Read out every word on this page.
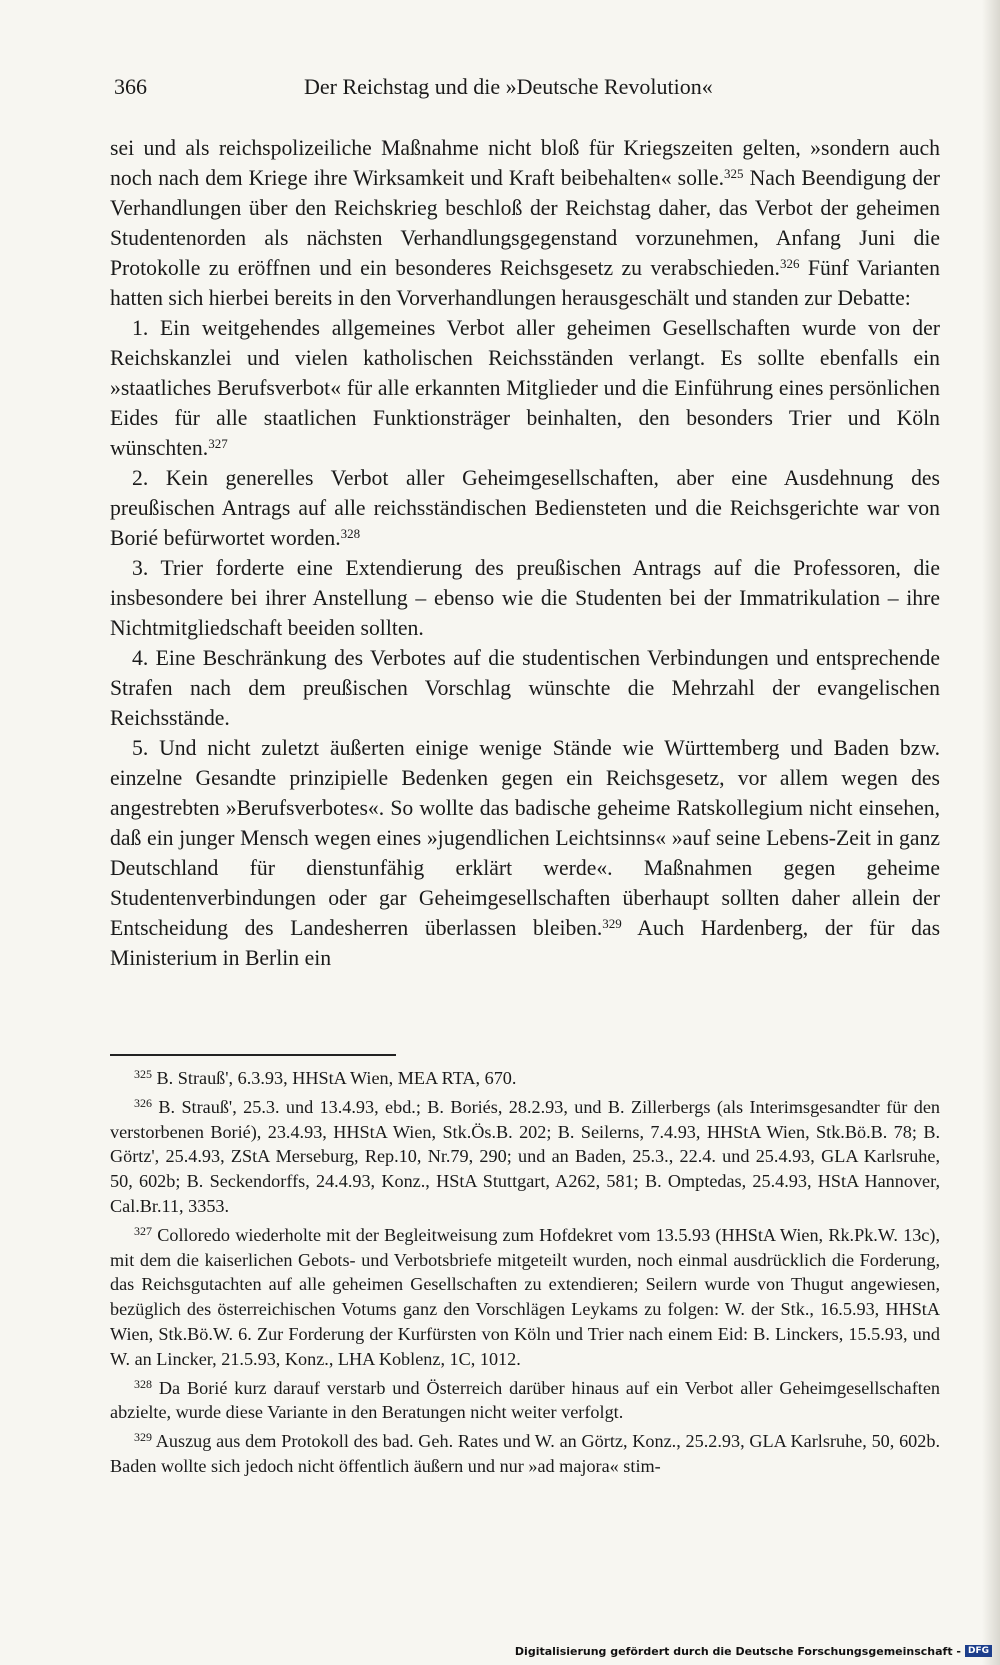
366	Der Reichstag und die »Deutsche Revolution«

sei und als reichspolizeiliche Maßnahme nicht bloß für Kriegszeiten gelten, »sondern auch noch nach dem Kriege ihre Wirksamkeit und Kraft beibehalten« solle.$^{325}$ Nach Beendigung der Verhandlungen über den Reichskrieg beschloß der Reichstag daher, das Verbot der geheimen Studentenorden als nächsten Verhandlungsgegenstand vorzunehmen, Anfang Juni die Protokolle zu eröffnen und ein besonderes Reichsgesetz zu verabschieden.$^{326}$ Fünf Varianten hatten sich hierbei bereits in den Vorverhandlungen herausgeschält und standen zur Debatte:

1. Ein weitgehendes allgemeines Verbot aller geheimen Gesellschaften wurde von der Reichskanzlei und vielen katholischen Reichsständen verlangt. Es sollte ebenfalls ein »staatliches Berufsverbot« für alle erkannten Mitglieder und die Einführung eines persönlichen Eides für alle staatlichen Funktionsträger beinhalten, den besonders Trier und Köln wünschten.$^{327}$

2. Kein generelles Verbot aller Geheimgesellschaften, aber eine Ausdehnung des preußischen Antrags auf alle reichsständischen Bediensteten und die Reichsgerichte war von Borié befürwortet worden.$^{328}$

3. Trier forderte eine Extendierung des preußischen Antrags auf die Professoren, die insbesondere bei ihrer Anstellung – ebenso wie die Studenten bei der Immatrikulation – ihre Nichtmitgliedschaft beeiden sollten.

4. Eine Beschränkung des Verbotes auf die studentischen Verbindungen und entsprechende Strafen nach dem preußischen Vorschlag wünschte die Mehrzahl der evangelischen Reichsstände.

5. Und nicht zuletzt äußerten einige wenige Stände wie Württemberg und Baden bzw. einzelne Gesandte prinzipielle Bedenken gegen ein Reichsgesetz, vor allem wegen des angestrebten »Berufsverbotes«. So wollte das badische geheime Ratskollegium nicht einsehen, daß ein junger Mensch wegen eines »jugendlichen Leichtsinns« »auf seine Lebens-Zeit in ganz Deutschland für dienstunfähig erklärt werde«. Maßnahmen gegen geheime Studentenverbindungen oder gar Geheimgesellschaften überhaupt sollten daher allein der Entscheidung des Landesherren überlassen bleiben.$^{329}$ Auch Hardenberg, der für das Ministerium in Berlin ein

$^{325}$ B. Strauß', 6.3.93, HHStA Wien, MEA RTA, 670.

$^{326}$ B. Strauß', 25.3. und 13.4.93, ebd.; B. Boriés, 28.2.93, und B. Zillerbergs (als Interimsgesandter für den verstorbenen Borié), 23.4.93, HHStA Wien, Stk.Ös.B. 202; B. Seilerns, 7.4.93, HHStA Wien, Stk.Bö.B. 78; B. Görtz', 25.4.93, ZStA Merseburg, Rep.10, Nr.79, 290; und an Baden, 25.3., 22.4. und 25.4.93, GLA Karlsruhe, 50, 602b; B. Seckendorffs, 24.4.93, Konz., HStA Stuttgart, A262, 581; B. Omptedas, 25.4.93, HStA Hannover, Cal.Br.11, 3353.

$^{327}$ Colloredo wiederholte mit der Begleitweisung zum Hofdekret vom 13.5.93 (HHStA Wien, Rk.Pk.W. 13c), mit dem die kaiserlichen Gebots- und Verbotsbriefe mitgeteilt wurden, noch einmal ausdrücklich die Forderung, das Reichsgutachten auf alle geheimen Gesellschaften zu extendieren; Seilern wurde von Thugut angewiesen, bezüglich des österreichischen Votums ganz den Vorschlägen Leykams zu folgen: W. der Stk., 16.5.93, HHStA Wien, Stk.Bö.W. 6. Zur Forderung der Kurfürsten von Köln und Trier nach einem Eid: B. Linckers, 15.5.93, und W. an Lincker, 21.5.93, Konz., LHA Koblenz, 1C, 1012.

$^{328}$ Da Borié kurz darauf verstarb und Österreich darüber hinaus auf ein Verbot aller Geheimgesellschaften abzielte, wurde diese Variante in den Beratungen nicht weiter verfolgt.

$^{329}$ Auszug aus dem Protokoll des bad. Geh. Rates und W. an Görtz, Konz., 25.2.93, GLA Karlsruhe, 50, 602b. Baden wollte sich jedoch nicht öffentlich äußern und nur »ad majora« stim-

Digitalisierung gefördert durch die Deutsche Forschungsgemeinschaft - DFG
